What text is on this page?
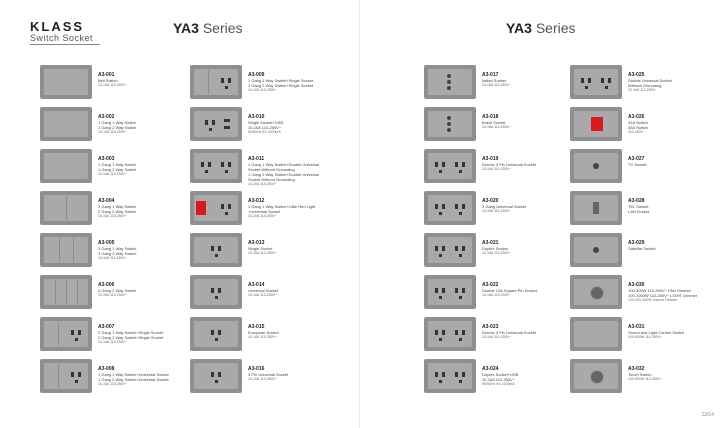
KLASS
Switch Socket
YA3 Series
A3-001
Bell Switch
10-16A 110-250V~
A3-002
1 Gang 1 Way Switch
1 Gang 2 Way Switch
10-16A 110-250V~
A3-003
1 Gang 1 Way Switch
1 Gang 2 Way Switch
10-16A 110-250V~
A3-004
2 Gang 1 Way Switch
2 Gang 2 Way Switch
10-16A 110-250V~
A3-005
3 Gang 1 Way Switch
3 Gang 2 Way Switch
10-16A 110-250V~
A3-006
4 Gang 2 Way Switch
10-16A 110-250V~
A3-007
2 Gang 1 Way Switch+Single Socket
2 Gang 2 Way Switch+Single Socket
10-16A 110-250V~
A3-008
1 Gang 1 Way Switch+Universal Socket
1 Gang 2 Way Switch+Universal Socket
10-16A 110-250V~
A3-009
1 Gang 1 Way Switch+Single Socket
1 Gang 2 Way Switch+Single Socket
10-16A 110-250V~
A3-010
Single Socket+USB
10-16A 110-250V~
5V/60Hz 5V 2100mA
A3-011
1 Gang 1 Way Switch+Double Universal
Socket Without Grounding
1 Gang 2 Way Switch+Double Universal
Socket Without Grounding
10-16A 110-250V~
A3-012
1 Gang 1 Way Switch+Little Red Light
+Universal Socket
10-16A 110-250V~
A3-013
Single Socket
10-16A 110-250V~
A3-014
Universal Socket
10-16A 110-250V~
A3-015
European Socket
10-16A 110-250V~
A3-016
3 Pin Universal Socket
10-16A 110-250V~
YA3 Series
A3-017
Italian Socket
10-16A 110-250V~
A3-018
Brazil Socket
10-16A 110-250V~
A3-019
Double 3 Pin Universal Socket
10-16A 110-250V~
A3-020
2 Gang Universal Socket
10-16A 110-250V~
A3-021
Duplex Socket
10-16A 110-250V~
A3-022
Double 13A Square Pin Socket
10-16A 110-250V~
A3-023
Double 3 Pin Universal Socket
10-16A 110-250V~
A3-024
Duplex Socket+USB
10-16A 110-250V~
5V/60Hz 5V 2100mA
A3-025
Double Universal Socket
Without Grounding
10-16A 110-250V~
A3-026
32A Switch
45A Switch
110-250V
A3-027
TV Socket
A3-028
TEL Socket
LAN Socket
A3-029
Satellite Socket
A3-030
100-300W 110-250V~ FAN Dimmer
100-1000W 110-250V~ LIGHT Dimmer
12V-24V 400W Volume Dimmer
A3-031
Sound and Light Control Switch
100-600W 110-250V~
A3-032
Touch Switch
100-600W 110-250V~
13/14
